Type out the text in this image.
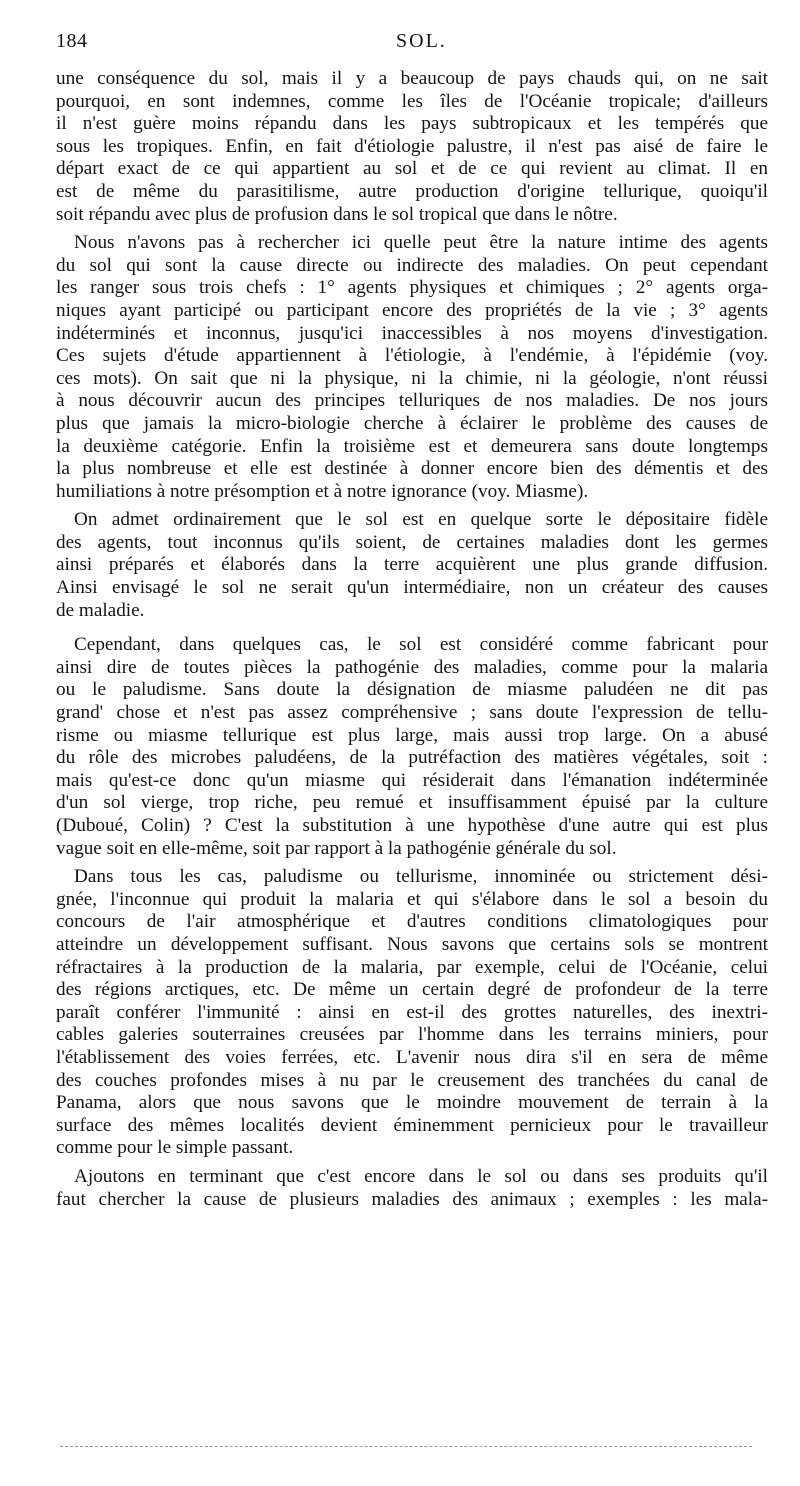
184	SOL.

une conséquence du sol, mais il y a beaucoup de pays chauds qui, on ne sait
pourquoi, en sont indemnes, comme les îles de l'Océanie tropicale; d'ailleurs
il n'est guère moins répandu dans les pays subtropicaux et les tempérés que
sous les tropiques. Enfin, en fait d'étiologie palustre, il n'est pas aisé de faire le
départ exact de ce qui appartient au sol et de ce qui revient au climat. Il en
est de même du parasitilisme, autre production d'origine tellurique, quoiqu'il
soit répandu avec plus de profusion dans le sol tropical que dans le nôtre.

Nous n'avons pas à rechercher ici quelle peut être la nature intime des agents
du sol qui sont la cause directe ou indirecte des maladies. On peut cependant
les ranger sous trois chefs : 1° agents physiques et chimiques ; 2° agents orga-
niques ayant participé ou participant encore des propriétés de la vie ; 3° agents
indéterminés et inconnus, jusqu'ici inaccessibles à nos moyens d'investigation.
Ces sujets d'étude appartiennent à l'étiologie, à l'endémie, à l'épidémie (voy.
ces mots). On sait que ni la physique, ni la chimie, ni la géologie, n'ont réussi
à nous découvrir aucun des principes telluriques de nos maladies. De nos jours
plus que jamais la micro-biologie cherche à éclairer le problème des causes de
la deuxième catégorie. Enfin la troisième est et demeurera sans doute longtemps
la plus nombreuse et elle est destinée à donner encore bien des démentis et des
humiliations à notre présomption et à notre ignorance (voy. Miasme).

On admet ordinairement que le sol est en quelque sorte le dépositaire fidèle
des agents, tout inconnus qu'ils soient, de certaines maladies dont les germes
ainsi préparés et élaborés dans la terre acquièrent une plus grande diffusion.
Ainsi envisagé le sol ne serait qu'un intermédiaire, non un créateur des causes
de maladie.

Cependant, dans quelques cas, le sol est considéré comme fabricant pour
ainsi dire de toutes pièces la pathogénie des maladies, comme pour la malaria
ou le paludisme. Sans doute la désignation de miasme paludéen ne dit pas
grand' chose et n'est pas assez compréhensive ; sans doute l'expression de tellu-
risme ou miasme tellurique est plus large, mais aussi trop large. On a abusé
du rôle des microbes paludéens, de la putréfaction des matières végétales, soit :
mais qu'est-ce donc qu'un miasme qui résiderait dans l'émanation indéterminée
d'un sol vierge, trop riche, peu remué et insuffisamment épuisé par la culture
(Duboué, Colin) ? C'est la substitution à une hypothèse d'une autre qui est plus
vague soit en elle-même, soit par rapport à la pathogénie générale du sol.

Dans tous les cas, paludisme ou tellurisme, innominée ou strictement dési-
gnée, l'inconnue qui produit la malaria et qui s'élabore dans le sol a besoin du
concours de l'air atmosphérique et d'autres conditions climatologiques pour
atteindre un développement suffisant. Nous savons que certains sols se montrent
réfractaires à la production de la malaria, par exemple, celui de l'Océanie, celui
des régions arctiques, etc. De même un certain degré de profondeur de la terre
paraît conférer l'immunité : ainsi en est-il des grottes naturelles, des inextri-
cables galeries souterraines creusées par l'homme dans les terrains miniers, pour
l'établissement des voies ferrées, etc. L'avenir nous dira s'il en sera de même
des couches profondes mises à nu par le creusement des tranchées du canal de
Panama, alors que nous savons que le moindre mouvement de terrain à la
surface des mêmes localités devient éminemment pernicieux pour le travailleur
comme pour le simple passant.

Ajoutons en terminant que c'est encore dans le sol ou dans ses produits qu'il
faut chercher la cause de plusieurs maladies des animaux ; exemples : les mala-
